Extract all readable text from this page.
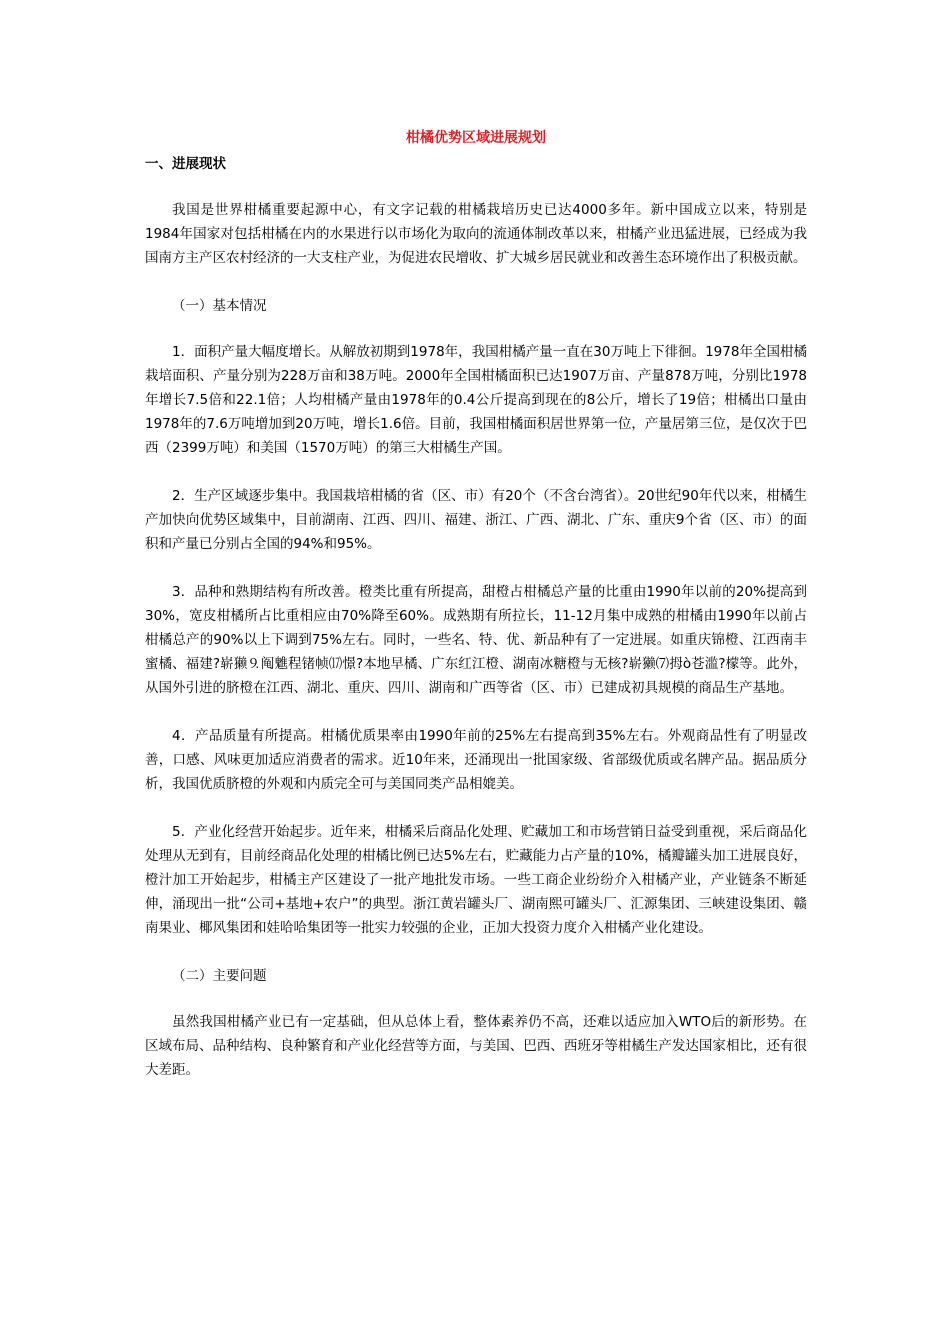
柑橘优势区域进展规划
一、进展现状

我国是世界柑橘重要起源中心，有文字记载的柑橘栽培历史已达4000多年。新中国成立以来，特别是1984年国家对包括柑橘在内的水果进行以市场化为取向的流通体制改革以来，柑橘产业迅猛进展，已经成为我国南方主产区农村经济的一大支柱产业，为促进农民增收、扩大城乡居民就业和改善生态环境作出了积极贡献。

（一）基本情况

1．面积产量大幅度增长。从解放初期到1978年，我国柑橘产量一直在30万吨上下徘徊。1978年全国柑橘栽培面积、产量分别为228万亩和38万吨。2000年全国柑橘面积已达1907万亩、产量878万吨，分别比1978年增长7.5倍和22.1倍；人均柑橘产量由1978年的0.4公斤提高到现在的8公斤，增长了19倍；柑橘出口量由1978年的7.6万吨增加到20万吨，增长1.6倍。目前，我国柑橘面积居世界第一位，产量居第三位，是仅次于巴西（2399万吨）和美国（1570万吨）的第三大柑橘生产国。

2．生产区域逐步集中。我国栽培柑橘的省（区、市）有20个（不含台湾省）。20世纪90年代以来，柑橘生产加快向优势区域集中，目前湖南、江西、四川、福建、浙江、广西、湖北、广东、重庆9个省（区、市）的面积和产量已分别占全国的94%和95%。

3．品种和熟期结构有所改善。橙类比重有所提高，甜橙占柑橘总产量的比重由1990年以前的20%提高到30%，宽皮柑橘所占比重相应由70%降至60%。成熟期有所拉长，11-12月集中成熟的柑橘由1990年以前占柑橘总产的90%以上下调到75%左右。同时，一些名、特、优、新品种有了一定进展。如重庆锦橙、江西南丰蜜橘、福建?崭獭⒐阄魋程锗帧⒄憬?本地早橘、广东红江橙、湖南冰糖橙与无核?崭獭⑺拇ò苍滥?檬等。此外，从国外引进的脐橙在江西、湖北、重庆、四川、湖南和广西等省（区、市）已建成初具规模的商品生产基地。

4．产品质量有所提高。柑橘优质果率由1990年前的25%左右提高到35%左右。外观商品性有了明显改善，口感、风味更加适应消费者的需求。近10年来，还涌现出一批国家级、省部级优质或名牌产品。据品质分析，我国优质脐橙的外观和内质完全可与美国同类产品相媲美。

5．产业化经营开始起步。近年来，柑橘采后商品化处理、贮藏加工和市场营销日益受到重视，采后商品化处理从无到有，目前经商品化处理的柑橘比例已达5%左右，贮藏能力占产量的10%，橘瓣罐头加工进展良好，橙汁加工开始起步，柑橘主产区建设了一批产地批发市场。一些工商企业纷纷介入柑橘产业，产业链条不断延伸，涌现出一批“公司+基地+农户”的典型。浙江黄岩罐头厂、湖南熙可罐头厂、汇源集团、三峡建设集团、赣南果业、椰风集团和娃哈哈集团等一批实力较强的企业，正加大投资力度介入柑橘产业化建设。

（二）主要问题

虽然我国柑橘产业已有一定基础，但从总体上看，整体素养仍不高，还难以适应加入WTO后的新形势。在区域布局、品种结构、良种繁育和产业化经营等方面，与美国、巴西、西班牙等柑橘生产发达国家相比，还有很大差距。
